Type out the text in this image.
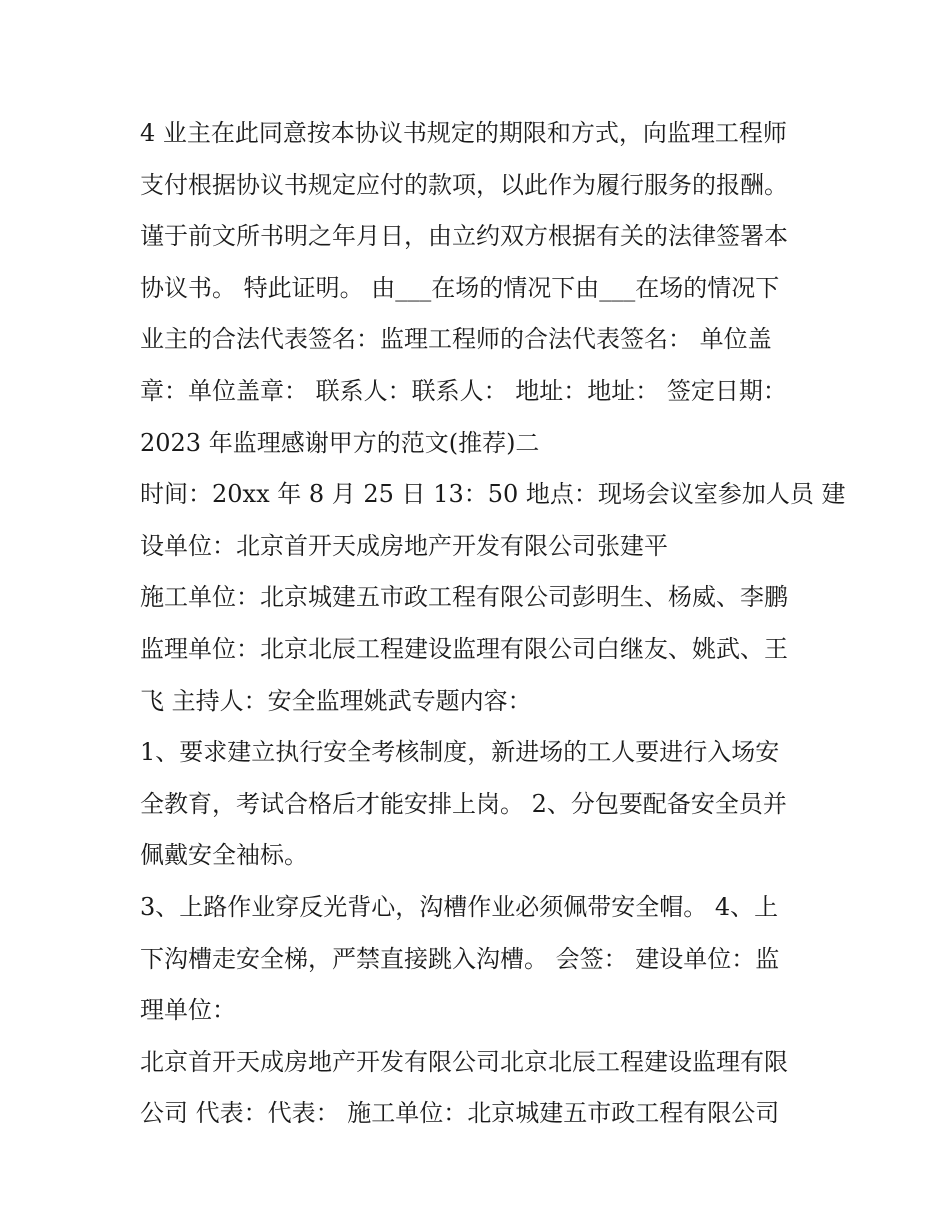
4 业主在此同意按本协议书规定的期限和方式，向监理工程师
支付根据协议书规定应付的款项，以此作为履行服务的报酬。
谨于前文所书明之年月日，由立约双方根据有关的法律签署本
协议书。 特此证明。 由___在场的情况下由___在场的情况下
业主的合法代表签名：监理工程师的合法代表签名： 单位盖
章：单位盖章： 联系人：联系人： 地址：地址： 签定日期：
2023 年监理感谢甲方的范文(推荐)二
时间：20xx 年 8 月 25 日 13：50 地点：现场会议室参加人员 建
设单位：北京首开天成房地产开发有限公司张建平
施工单位：北京城建五市政工程有限公司彭明生、杨威、李鹏
监理单位：北京北辰工程建设监理有限公司白继友、姚武、王
飞 主持人：安全监理姚武专题内容：
1、要求建立执行安全考核制度，新进场的工人要进行入场安
全教育，考试合格后才能安排上岗。 2、分包要配备安全员并
佩戴安全袖标。
3、上路作业穿反光背心，沟槽作业必须佩带安全帽。 4、上
下沟槽走安全梯，严禁直接跳入沟槽。 会签： 建设单位：监
理单位：
北京首开天成房地产开发有限公司北京北辰工程建设监理有限
公司 代表：代表： 施工单位：北京城建五市政工程有限公司
